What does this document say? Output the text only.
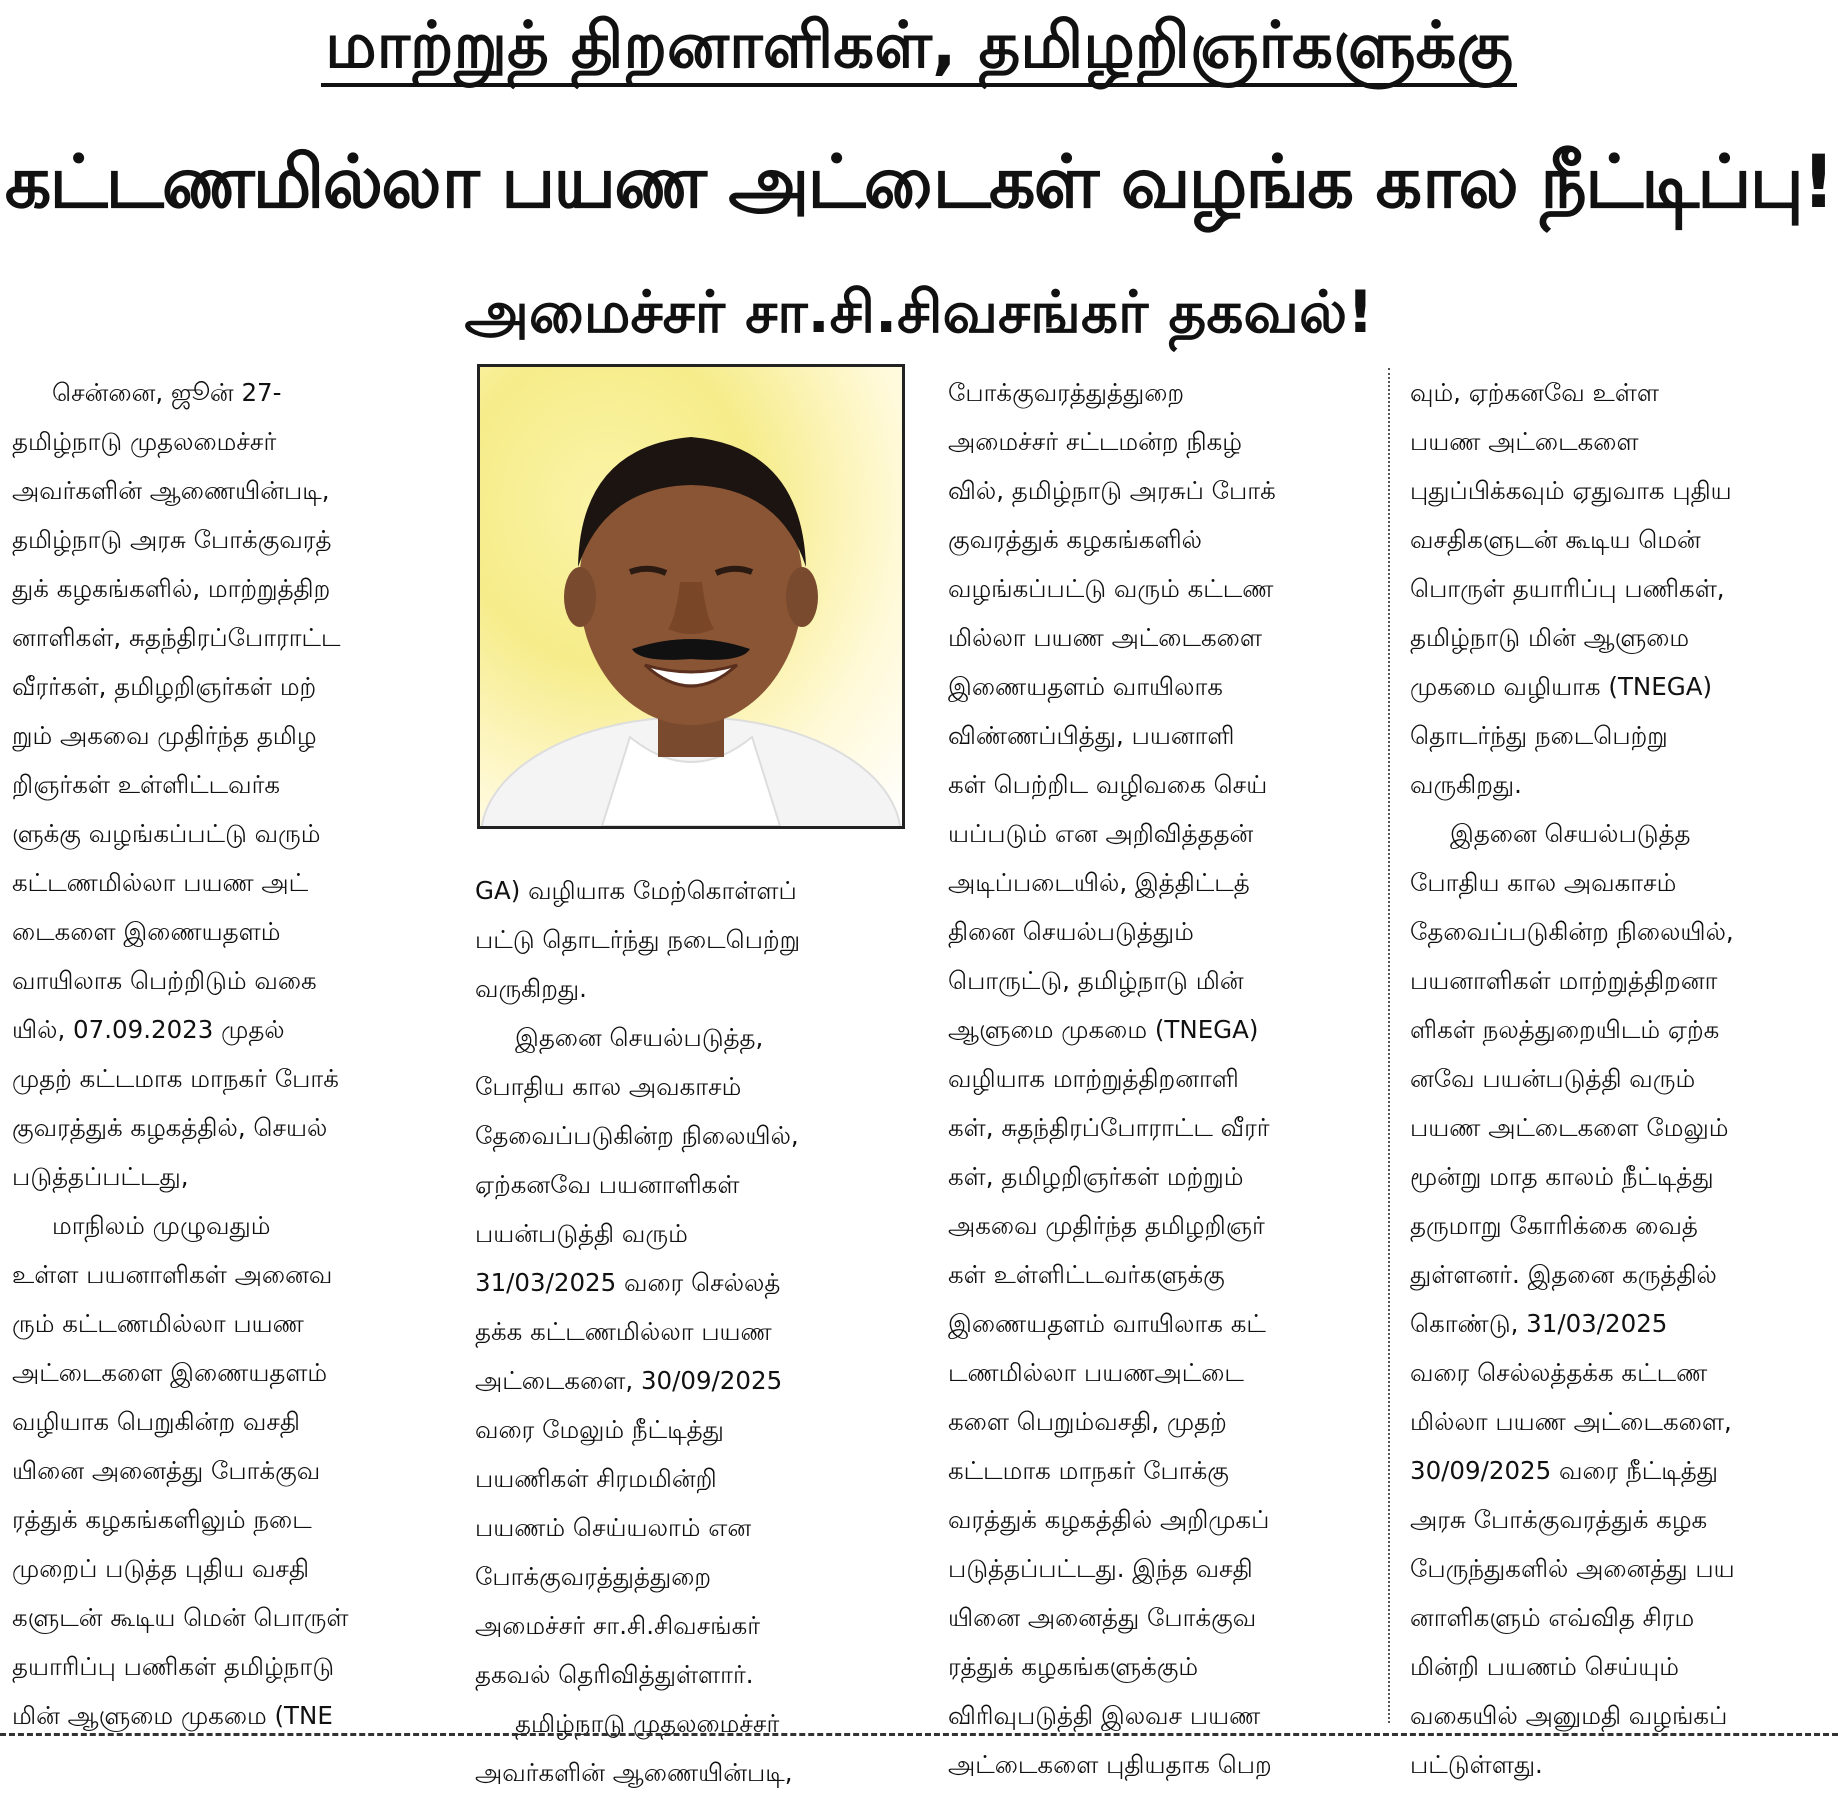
மாற்றுத் திறனாளிகள், தமிழறிஞர்களுக்கு
கட்டணமில்லா பயண அட்டைகள் வழங்க கால நீட்டிப்பு!
அமைச்சர் சா.சி.சிவசங்கர் தகவல்!
சென்னை, ஜூன் 27-
தமிழ்நாடு முதலமைச்சர்
அவர்களின் ஆணையின்படி,
தமிழ்நாடு அரசு போக்குவரத்
துக் கழகங்களில், மாற்றுத்திற
னாளிகள், சுதந்திரப்போராட்ட
வீரர்கள், தமிழறிஞர்கள் மற்
றும் அகவை முதிர்ந்த தமிழ
றிஞர்கள் உள்ளிட்டவர்க
ளுக்கு வழங்கப்பட்டு வரும்
கட்டணமில்லா பயண அட்
டைகளை இணையதளம்
வாயிலாக பெற்றிடும் வகை
யில், 07.09.2023 முதல்
முதற் கட்டமாக மாநகர் போக்
குவரத்துக் கழகத்தில், செயல்
படுத்தப்பட்டது,
மாநிலம் முழுவதும்
உள்ள பயனாளிகள் அனைவ
ரும் கட்டணமில்லா பயண
அட்டைகளை இணையதளம்
வழியாக பெறுகின்ற வசதி
யினை அனைத்து போக்குவ
ரத்துக் கழகங்களிலும் நடை
முறைப் படுத்த புதிய வசதி
களுடன் கூடிய மென் பொருள்
தயாரிப்பு பணிகள் தமிழ்நாடு
மின் ஆளுமை முகமை (TNE
GA) வழியாக மேற்கொள்ளப்
பட்டு தொடர்ந்து நடைபெற்று
வருகிறது.
இதனை செயல்படுத்த,
போதிய கால அவகாசம்
தேவைப்படுகின்ற நிலையில்,
ஏற்கனவே பயனாளிகள்
பயன்படுத்தி வரும்
31/03/2025 வரை செல்லத்
தக்க கட்டணமில்லா பயண
அட்டைகளை, 30/09/2025
வரை மேலும் நீட்டித்து
பயணிகள் சிரமமின்றி
பயணம் செய்யலாம் என
போக்குவரத்துத்துறை
அமைச்சர் சா.சி.சிவசங்கர்
தகவல் தெரிவித்துள்ளார்.
தமிழ்நாடு முதலமைச்சர்
அவர்களின் ஆணையின்படி,
போக்குவரத்துத்துறை
அமைச்சர் சட்டமன்ற நிகழ்
வில், தமிழ்நாடு அரசுப் போக்
குவரத்துக் கழகங்களில்
வழங்கப்பட்டு வரும் கட்டண
மில்லா பயண அட்டைகளை
இணையதளம் வாயிலாக
விண்ணப்பித்து, பயனாளி
கள் பெற்றிட வழிவகை செய்
யப்படும் என அறிவித்ததன்
அடிப்படையில், இத்திட்டத்
தினை செயல்படுத்தும்
பொருட்டு, தமிழ்நாடு மின்
ஆளுமை முகமை (TNEGA)
வழியாக மாற்றுத்திறனாளி
கள், சுதந்திரப்போராட்ட வீரர்
கள், தமிழறிஞர்கள் மற்றும்
அகவை முதிர்ந்த தமிழறிஞர்
கள் உள்ளிட்டவர்களுக்கு
இணையதளம் வாயிலாக கட்
டணமில்லா பயணஅட்டை
களை பெறும்வசதி, முதற்
கட்டமாக மாநகர் போக்கு
வரத்துக் கழகத்தில் அறிமுகப்
படுத்தப்பட்டது. இந்த வசதி
யினை அனைத்து போக்குவ
ரத்துக் கழகங்களுக்கும்
விரிவுபடுத்தி இலவச பயண
அட்டைகளை புதியதாக பெற
வும், ஏற்கனவே உள்ள
பயண அட்டைகளை
புதுப்பிக்கவும் ஏதுவாக புதிய
வசதிகளுடன் கூடிய மென்
பொருள் தயாரிப்பு பணிகள்,
தமிழ்நாடு மின் ஆளுமை
முகமை வழியாக (TNEGA)
தொடர்ந்து நடைபெற்று
வருகிறது.
இதனை செயல்படுத்த
போதிய கால அவகாசம்
தேவைப்படுகின்ற நிலையில்,
பயனாளிகள் மாற்றுத்திறனா
ளிகள் நலத்துறையிடம் ஏற்க
னவே பயன்படுத்தி வரும்
பயண அட்டைகளை மேலும்
மூன்று மாத காலம் நீட்டித்து
தருமாறு கோரிக்கை வைத்
துள்ளனர். இதனை கருத்தில்
கொண்டு, 31/03/2025
வரை செல்லத்தக்க கட்டண
மில்லா பயண அட்டைகளை,
30/09/2025 வரை நீட்டித்து
அரசு போக்குவரத்துக் கழக
பேருந்துகளில் அனைத்து பய
னாளிகளும் எவ்வித சிரம
மின்றி பயணம் செய்யும்
வகையில் அனுமதி வழங்கப்
பட்டுள்ளது.
